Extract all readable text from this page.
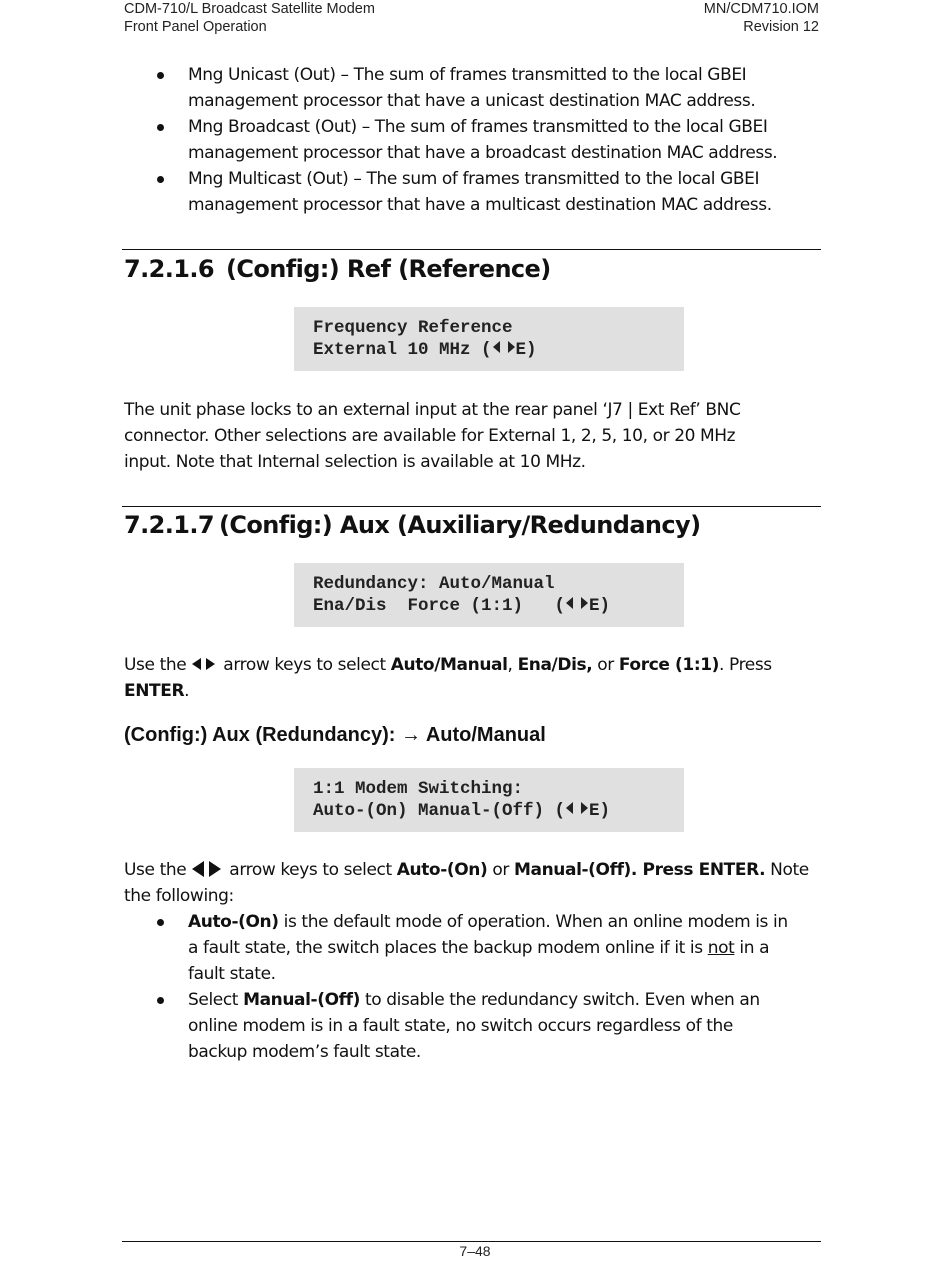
CDM-710/L Broadcast Satellite Modem
Front Panel Operation
MN/CDM710.IOM
Revision 12
Mng Unicast (Out) – The sum of frames transmitted to the local GBEI
management processor that have a unicast destination MAC address.
Mng Broadcast (Out) – The sum of frames transmitted to the local GBEI
management processor that have a broadcast destination MAC address.
Mng Multicast (Out) – The sum of frames transmitted to the local GBEI
management processor that have a multicast destination MAC address.
7.2.1.6 (Config:) Ref (Reference)
Frequency Reference
External 10 MHz ( E)
The unit phase locks to an external input at the rear panel ‘J7 | Ext Ref’ BNC
connector. Other selections are available for External 1, 2, 5, 10, or 20 MHz
input. Note that Internal selection is available at 10 MHz.
7.2.1.7 (Config:) Aux (Auxiliary/Redundancy)
Redundancy: Auto/Manual
Ena/Dis  Force (1:1)   ( E)
Use the arrow keys to select Auto/Manual, Ena/Dis, or Force (1:1). Press
ENTER.
(Config:) Aux (Redundancy): → Auto/Manual
1:1 Modem Switching:
Auto-(On) Manual-(Off) ( E)
Use the	arrow keys to select Auto-(On) or Manual-(Off). Press ENTER. Note
the following:
Auto-(On) is the default mode of operation. When an online modem is in
a fault state, the switch places the backup modem online if it is not in a
fault state.
Select Manual-(Off) to disable the redundancy switch. Even when an
online modem is in a fault state, no switch occurs regardless of the
backup modem’s fault state.
7–48
